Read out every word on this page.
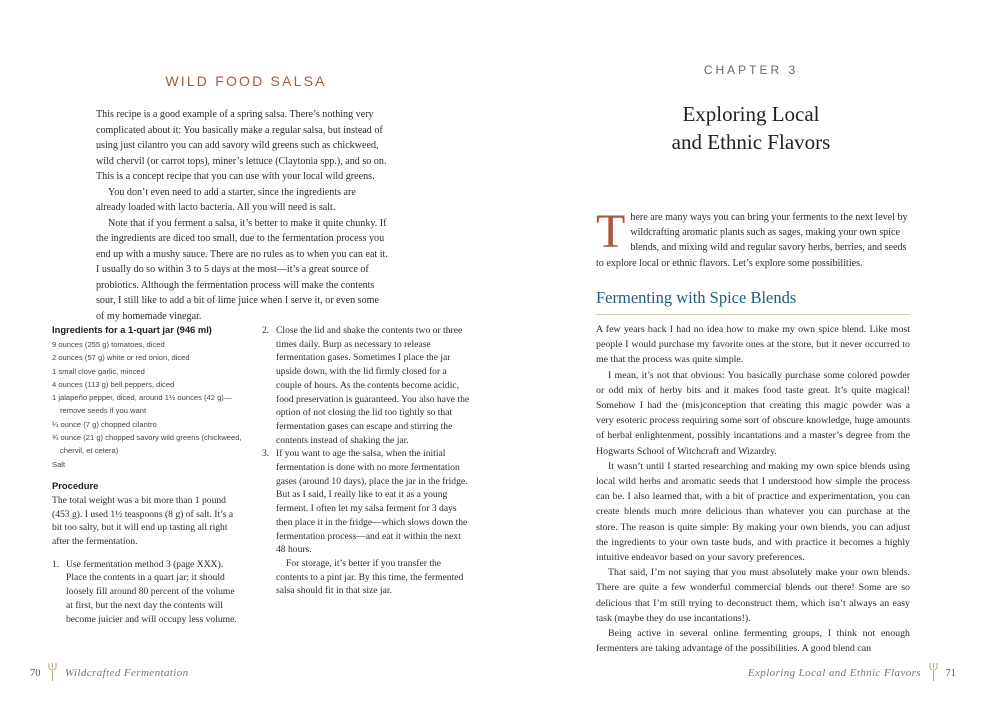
WILD FOOD SALSA

This recipe is a good example of a spring salsa. There’s nothing very complicated about it: You basically make a regular salsa, but instead of using just cilantro you can add savory wild greens such as chickweed, wild chervil (or carrot tops), miner’s lettuce (Claytonia spp.), and so on. This is a concept recipe that you can use with your local wild greens.

You don’t even need to add a starter, since the ingredients are already loaded with lacto bacteria. All you will need is salt.

Note that if you ferment a salsa, it’s better to make it quite chunky. If the ingredients are diced too small, due to the fermentation process you end up with a mushy sauce. There are no rules as to when you can eat it. I usually do so within 3 to 5 days at the most—it’s a great source of probiotics. Although the fermentation process will make the contents sour, I still like to add a bit of lime juice when I serve it, or even some of my homemade vinegar.

Ingredients for a 1-quart jar (946 ml)
9 ounces (255 g) tomatoes, diced
2 ounces (57 g) white or red onion, diced
1 small clove garlic, minced
4 ounces (113 g) bell peppers, diced
1 jalapeño pepper, diced, around 1½ ounces (42 g)—remove seeds if you want
¼ ounce (7 g) chopped cilantro
¾ ounce (21 g) chopped savory wild greens (chickweed, chervil, et cetera)
Salt
Procedure

The total weight was a bit more than 1 pound (453 g). I used 1½ teaspoons (8 g) of salt. It’s a bit too salty, but it will end up tasting all right after the fermentation.

1. Use fermentation method 3 (page XXX). Place the contents in a quart jar; it should loosely fill around 80 percent of the volume at first, but the next day the contents will become juicier and will occupy less volume.
2. Close the lid and shake the contents two or three times daily. Burp as necessary to release fermentation gases. Sometimes I place the jar upside down, with the lid firmly closed for a couple of hours. As the contents become acidic, food preservation is guaranteed. You also have the option of not closing the lid too tightly so that fermentation gases can escape and stirring the contents instead of shaking the jar.
3. If you want to age the salsa, when the initial fermentation is done with no more fermentation gases (around 10 days), place the jar in the fridge. But as I said, I really like to eat it as a young ferment. I often let my salsa ferment for 3 days then place it in the fridge—which slows down the fermentation process—and eat it within the next 48 hours.

For storage, it’s better if you transfer the contents to a pint jar. By this time, the fermented salsa should fit in that size jar.

70 Wildcrafted Fermentation
CHAPTER 3
Exploring Local
and Ethnic Flavors
T here are many ways you can bring your ferments to the next level by wildcrafting aromatic plants such as sages, making your own spice blends, and mixing wild and regular savory herbs, berries, and seeds to explore local or ethnic flavors. Let’s explore some possibilities.
Fermenting with Spice Blends

A few years back I had no idea how to make my own spice blend. Like most people I would purchase my favorite ones at the store, but it never occurred to me that the process was quite simple.

I mean, it’s not that obvious: You basically purchase some colored powder or odd mix of herby bits and it makes food taste great. It’s quite magical! Somehow I had the (mis)conception that creating this magic powder was a very esoteric process requiring some sort of obscure knowledge, huge amounts of herbal enlightenment, possibly incantations and a master’s degree from the Hogwarts School of Witchcraft and Wizardry.

It wasn’t until I started researching and making my own spice blends using local wild herbs and aromatic seeds that I understood how simple the process can be. I also learned that, with a bit of practice and experimentation, you can create blends much more delicious than whatever you can purchase at the store. The reason is quite simple: By making your own blends, you can adjust the ingredients to your own taste buds, and with practice it becomes a highly intuitive endeavor based on your savory preferences.

That said, I’m not saying that you must absolutely make your own blends. There are quite a few wonderful commercial blends out there! Some are so delicious that I’m still trying to deconstruct them, which isn’t always an easy task (maybe they do use incantations!).

Being active in several online fermenting groups, I think not enough fermenters are taking advantage of the possibilities. A good blend can

Exploring Local and Ethnic Flavors 71
